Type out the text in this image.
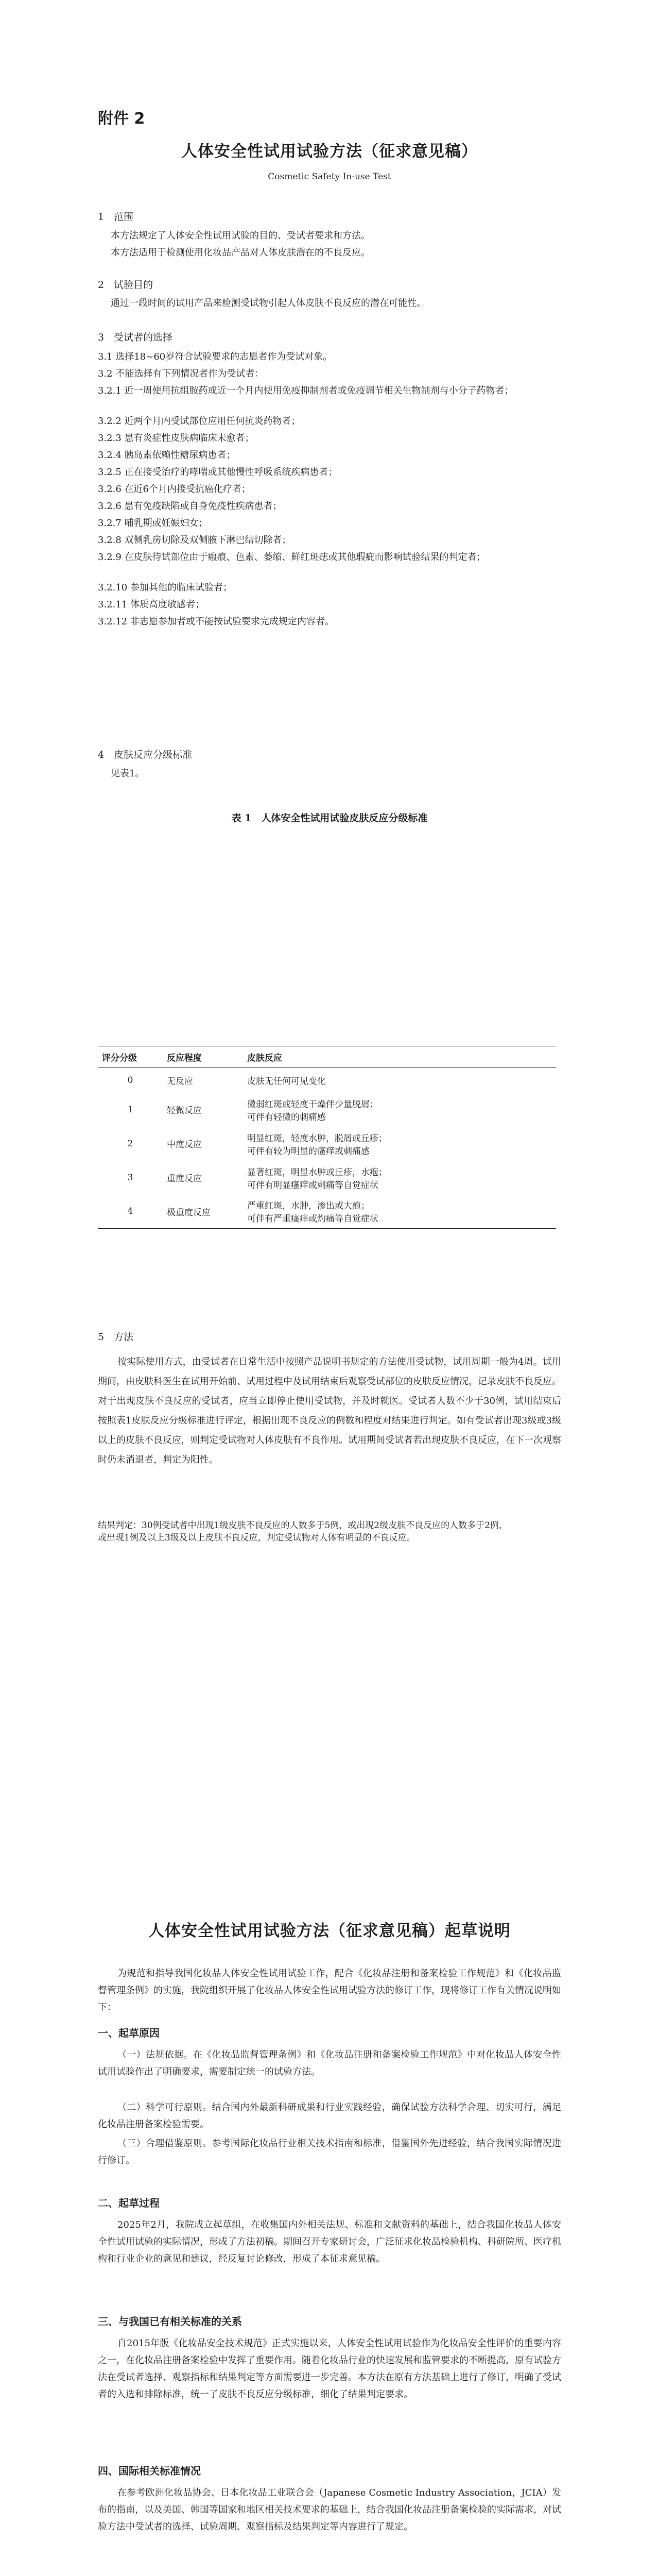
附件 2
人体安全性试用试验方法（征求意见稿）
Cosmetic Safety In-use Test
1　范围
本方法规定了人体安全性试用试验的目的、受试者要求和方法。
本方法适用于检测使用化妆品产品对人体皮肤潜在的不良反应。
2　试验目的
通过一段时间的试用产品来检测受试物引起人体皮肤不良反应的潜在可能性。
3　受试者的选择
3.1 选择18~60岁符合试验要求的志愿者作为受试对象。
3.2 不能选择有下列情况者作为受试者：
3.2.1 近一周使用抗组胺药或近一个月内使用免疫抑制剂者或免疫调节相关生物制剂与小分子药物者；
3.2.2 近两个月内受试部位应用任何抗炎药物者；
3.2.3 患有炎症性皮肤病临床未愈者；
3.2.4 胰岛素依赖性糖尿病患者；
3.2.5 正在接受治疗的哮喘或其他慢性呼吸系统疾病患者；
3.2.6 在近6个月内接受抗癌化疗者；
3.2.6 患有免疫缺陷或自身免疫性疾病患者；
3.2.7 哺乳期或妊娠妇女；
3.2.8 双侧乳房切除及双侧腋下淋巴结切除者；
3.2.9 在皮肤待试部位由于瘢痕、色素、萎缩、鲜红斑痣或其他瑕疵而影响试验结果的判定者；
3.2.10 参加其他的临床试验者；
3.2.11 体质高度敏感者；
3.2.12 非志愿参加者或不能按试验要求完成规定内容者。
4　皮肤反应分级标准
见表1。
表 1　人体安全性试用试验皮肤反应分级标准
评分分级	反应程度	皮肤反应
0	无反应	皮肤无任何可见变化

1	轻微反应	微弱红斑或轻度干燥伴少量脱屑；
可伴有轻微的刺痛感

2	中度反应	明显红斑，轻度水肿，脱屑或丘疹；
可伴有较为明显的瘙痒或刺痛感

3	重度反应	显著红斑，明显水肿或丘疹，水疱；
可伴有明显瘙痒或刺痛等自觉症状

4	极重度反应	严重红斑，水肿，渗出或大疱；
可伴有严重瘙痒或灼痛等自觉症状
5　方法
按实际使用方式，由受试者在日常生活中按照产品说明书规定的方法使用受试物，试用周期一般为4周。试用期间，由皮肤科医生在试用开始前、试用过程中及试用结束后观察受试部位的皮肤反应情况，记录皮肤不良反应。对于出现皮肤不良反应的受试者，应当立即停止使用受试物，并及时就医。受试者人数不少于30例，试用结束后按照表1皮肤反应分级标准进行评定，根据出现不良反应的例数和程度对结果进行判定。如有受试者出现3级或3级以上的皮肤不良反应，则判定受试物对人体皮肤有不良作用。试用期间受试者若出现皮肤不良反应，在下一次观察时仍未消退者，判定为阳性。
结果判定：30例受试者中出现1级皮肤不良反应的人数多于5例，或出现2级皮肤不良反应的人数多于2例，
或出现1例及以上3级及以上皮肤不良反应，判定受试物对人体有明显的不良反应。
人体安全性试用试验方法（征求意见稿）起草说明
为规范和指导我国化妆品人体安全性试用试验工作，配合《化妆品注册和备案检验工作规范》和《化妆品监督管理条例》的实施，我院组织开展了化妆品人体安全性试用试验方法的修订工作，现将修订工作有关情况说明如下：
一、起草原因
（一）法规依据。在《化妆品监督管理条例》和《化妆品注册和备案检验工作规范》中对化妆品人体安全性试用试验作出了明确要求，需要制定统一的试验方法。
（二）科学可行原则。结合国内外最新科研成果和行业实践经验，确保试验方法科学合理、切实可行，满足化妆品注册备案检验需要。
（三）合理借鉴原则。参考国际化妆品行业相关技术指南和标准，借鉴国外先进经验，结合我国实际情况进行修订。
二、起草过程
2025年2月，我院成立起草组，在收集国内外相关法规、标准和文献资料的基础上，结合我国化妆品人体安全性试用试验的实际情况，形成了方法初稿。期间召开专家研讨会，广泛征求化妆品检验机构、科研院所、医疗机构和行业企业的意见和建议，经反复讨论修改，形成了本征求意见稿。
三、与我国已有相关标准的关系
自2015年版《化妆品安全技术规范》正式实施以来，人体安全性试用试验作为化妆品安全性评价的重要内容之一，在化妆品注册备案检验中发挥了重要作用。随着化妆品行业的快速发展和监管要求的不断提高，原有试验方法在受试者选择、观察指标和结果判定等方面需要进一步完善。本方法在原有方法基础上进行了修订，明确了受试者的入选和排除标准，统一了皮肤不良反应分级标准，细化了结果判定要求。
四、国际相关标准情况
在参考欧洲化妆品协会、日本化妆品工业联合会（Japanese Cosmetic Industry Association，JCIA）发布的指南，以及美国、韩国等国家和地区相关技术要求的基础上，结合我国化妆品注册备案检验的实际需求，对试验方法中受试者的选择、试验周期、观察指标及结果判定等内容进行了规定。
